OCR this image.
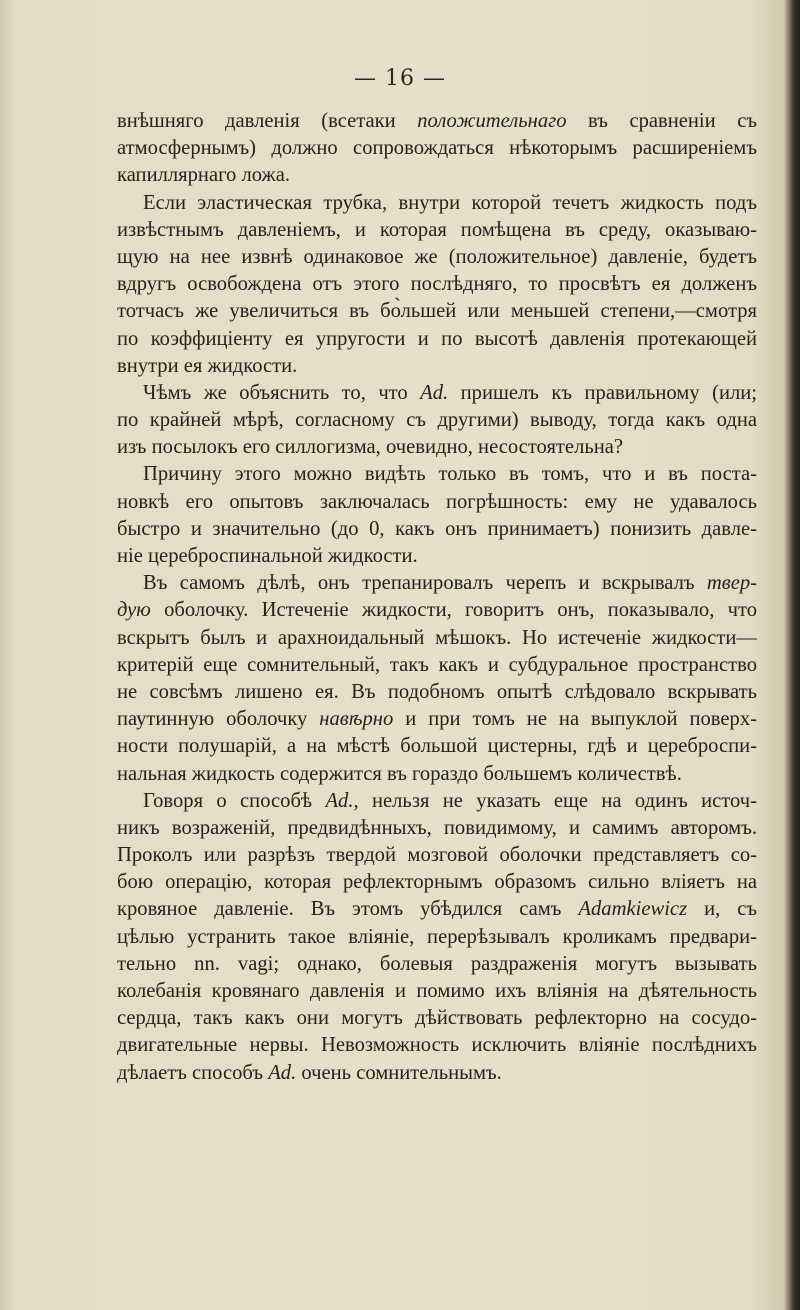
— 16 —
внѣшняго давленія (всетаки положительнаго въ сравненіи съ
атмосфернымъ) должно сопровождаться нѣкоторымъ расширеніемъ
капиллярнаго ложа.
Если эластическая трубка, внутри которой течетъ жидкость подъ
извѣстнымъ давленіемъ, и которая помѣщена въ среду, оказываю-
щую на нее извнѣ одинаковое же (положительное) давленіе, будетъ
вдругъ освобождена отъ этого послѣдняго, то просвѣтъ ея долженъ
тотчасъ же увеличиться въ бо̀льшей или меньшей степени,—смотря
по коэффиціенту ея упругости и по высотѣ давленія протекающей
внутри ея жидкости.
Чѣмъ же объяснить то, что Ad. пришелъ къ правильному (или;
по крайней мѣрѣ, согласному съ другими) выводу, тогда какъ одна
изъ посылокъ его силлогизма, очевидно, несостоятельна?
Причину этого можно видѣть только въ томъ, что и въ поста-
новкѣ его опытовъ заключалась погрѣшность: ему не удавалось
быстро и значительно (до 0, какъ онъ принимаетъ) понизить давле-
ніе цереброспинальной жидкости.
Въ самомъ дѣлѣ, онъ трепанировалъ черепъ и вскрывалъ твер-
дую оболочку. Истеченіе жидкости, говоритъ онъ, показывало, что
вскрытъ былъ и арахноидальный мѣшокъ. Но истеченіе жидкости—
критерій еще сомнительный, такъ какъ и субдуральное пространство
не совсѣмъ лишено ея. Въ подобномъ опытѣ слѣдовало вскрывать
паутинную оболочку навѣрно и при томъ не на выпуклой поверх-
ности полушарій, а на мѣстѣ большой цистерны, гдѣ и цереброспи-
нальная жидкость содержится въ гораздо большемъ количествѣ.
Говоря о способѣ Ad., нельзя не указать еще на одинъ источ-
никъ возраженій, предвидѣнныхъ, повидимому, и самимъ авторомъ.
Проколъ или разрѣзъ твердой мозговой оболочки представляетъ со-
бою операцію, которая рефлекторнымъ образомъ сильно вліяетъ на
кровяное давленіе. Въ этомъ убѣдился самъ Adamkiewicz и, съ
цѣлью устранить такое вліяніе, перерѣзывалъ кроликамъ предвари-
тельно nn. vagi; однако, болевыя раздраженія могутъ вызывать
колебанія кровянаго давленія и помимо ихъ вліянія на дѣятельность
сердца, такъ какъ они могутъ дѣйствовать рефлекторно на сосудо-
двигательные нервы. Невозможность исключить вліяніе послѣднихъ
дѣлаетъ способъ Ad. очень сомнительнымъ.
